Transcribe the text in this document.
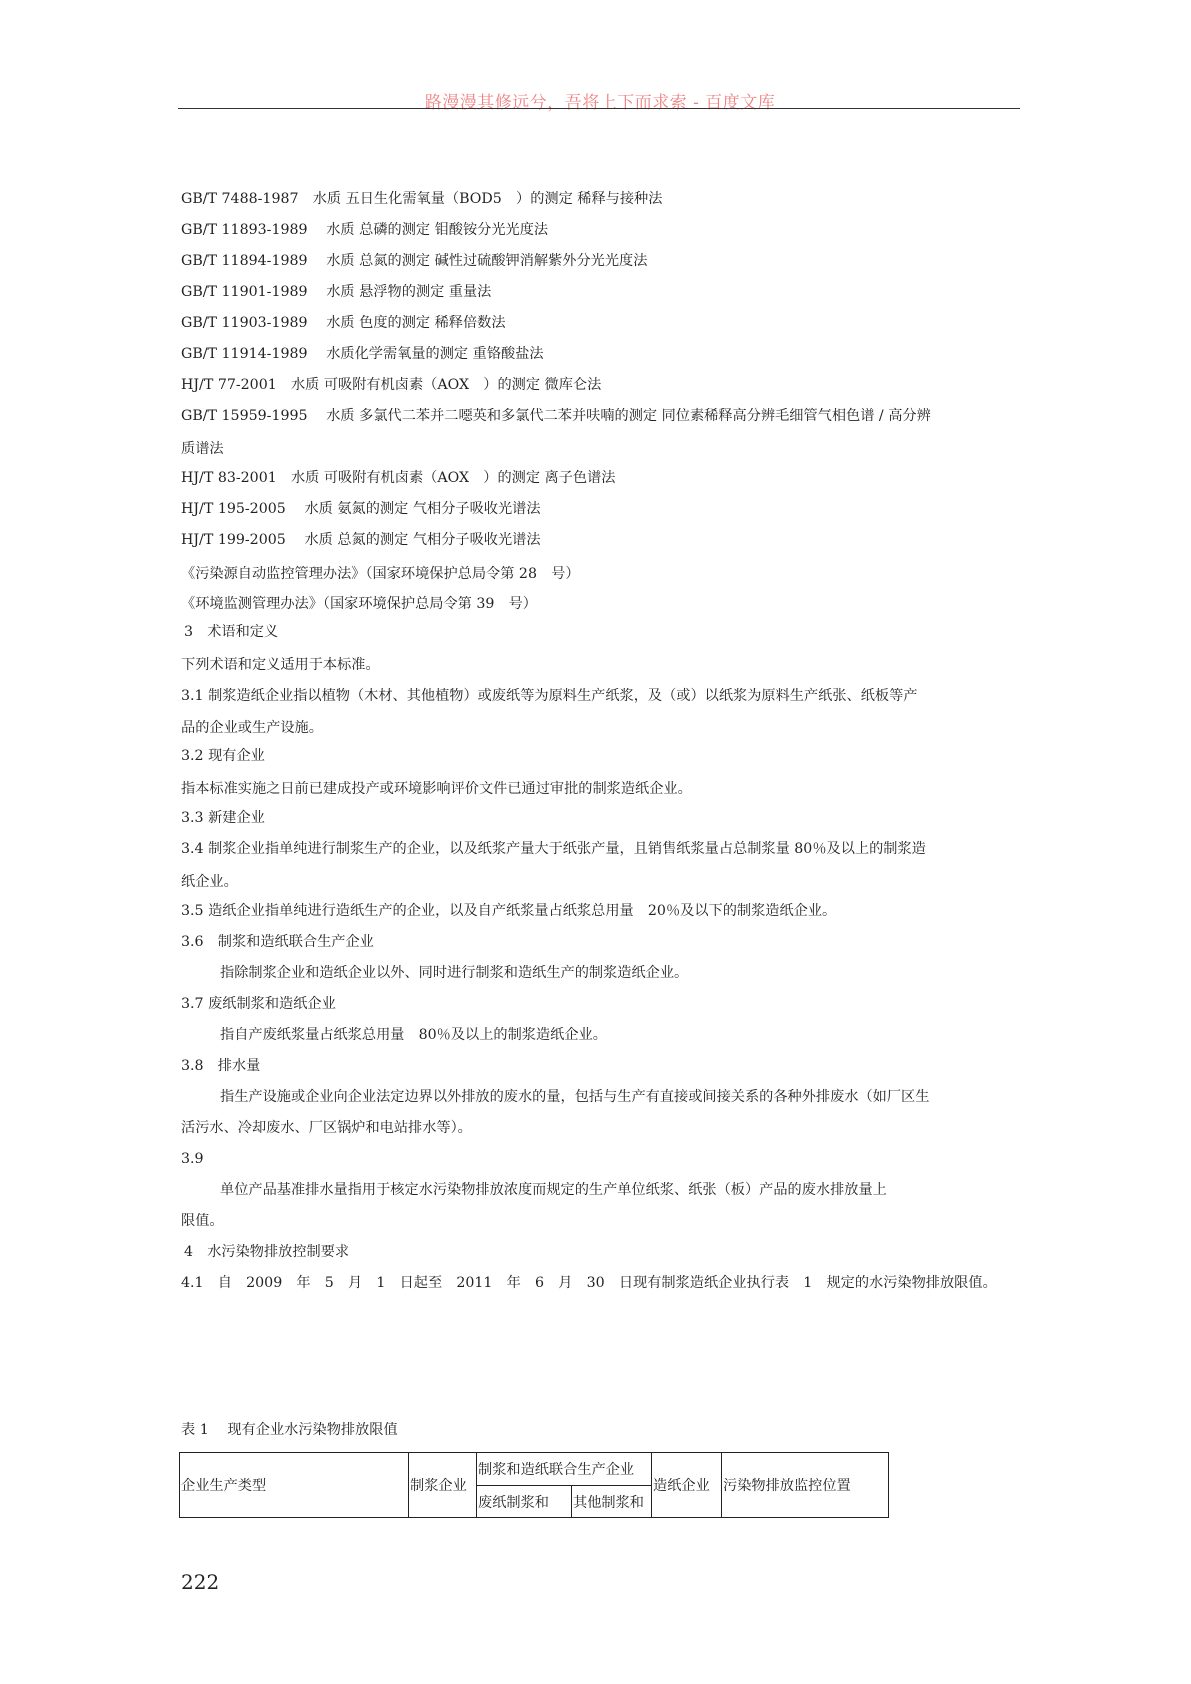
路漫漫其修远兮，吾将上下而求索 - 百度文库
GB/T 7488-1987　水质 五日生化需氧量（BOD5　）的测定 稀释与接种法
GB/T 11893-1989　 水质 总磷的测定 钼酸铵分光光度法
GB/T 11894-1989　 水质 总氮的测定 碱性过硫酸钾消解紫外分光光度法
GB/T 11901-1989　 水质 悬浮物的测定 重量法
GB/T 11903-1989　 水质 色度的测定 稀释倍数法
GB/T 11914-1989　 水质化学需氧量的测定 重铬酸盐法
HJ/T 77-2001　水质 可吸附有机卤素（AOX　）的测定 微库仑法
GB/T 15959-1995　 水质 多氯代二苯并二噁英和多氯代二苯并呋喃的测定 同位素稀释高分辨毛细管气相色谱 / 高分辨
质谱法
HJ/T 83-2001　水质 可吸附有机卤素（AOX　）的测定 离子色谱法
HJ/T 195-2005　 水质 氨氮的测定 气相分子吸收光谱法
HJ/T 199-2005　 水质 总氮的测定 气相分子吸收光谱法
《污染源自动监控管理办法》（国家环境保护总局令第 28　号）
《环境监测管理办法》（国家环境保护总局令第 39　号）
3　术语和定义
下列术语和定义适用于本标准。
3.1 制浆造纸企业指以植物（木材、其他植物）或废纸等为原料生产纸浆，及（或）以纸浆为原料生产纸张、纸板等产
品的企业或生产设施。
3.2 现有企业
指本标准实施之日前已建成投产或环境影响评价文件已通过审批的制浆造纸企业。
3.3 新建企业
3.4 制浆企业指单纯进行制浆生产的企业，以及纸浆产量大于纸张产量，且销售纸浆量占总制浆量 80％及以上的制浆造
纸企业。
3.5 造纸企业指单纯进行造纸生产的企业，以及自产纸浆量占纸浆总用量　20％及以下的制浆造纸企业。
3.6　制浆和造纸联合生产企业
指除制浆企业和造纸企业以外、同时进行制浆和造纸生产的制浆造纸企业。
3.7 废纸制浆和造纸企业
指自产废纸浆量占纸浆总用量　80％及以上的制浆造纸企业。
3.8　排水量
指生产设施或企业向企业法定边界以外排放的废水的量，包括与生产有直接或间接关系的各种外排废水（如厂区生
活污水、冷却废水、厂区锅炉和电站排水等）。
3.9
单位产品基准排水量指用于核定水污染物排放浓度而规定的生产单位纸浆、纸张（板）产品的废水排放量上
限值。
4　水污染物排放控制要求
4.1　自　2009　年　5　月　1　日起至　2011　年　6　月　30　日现有制浆造纸企业执行表　1　规定的水污染物排放限值。
表 1　 现有企业水污染物排放限值
企业生产类型	制浆企业
制浆和造纸联合生产企业
废纸制浆和	其他制浆和
造纸企业 污染物排放监控位置
222
